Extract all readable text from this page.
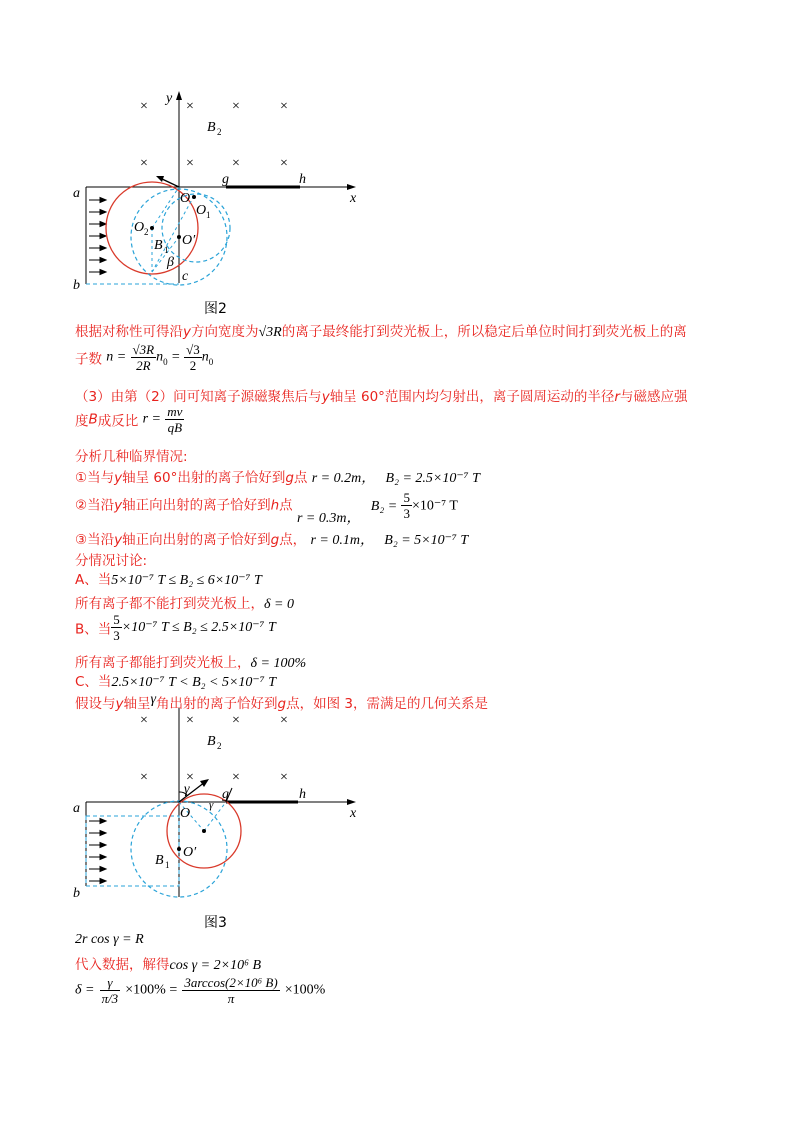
×	×	×	×
×	×	×	×
y
x
B 2
g	h
a
b
c
O
O 1
O 2
O′
B 1
β
图2
根据对称性可得沿y方向宽度为√3R的离子最终能打到荧光板上，所以稳定后单位时间打到荧光板上的离
子数 $n = \frac{√3R}{2R} n_0 = \frac{√3}{2} n_0$
（3）由第（2）问可知离子源磁聚焦后与y轴呈 60°范围内均匀射出，离子圆周运动的半径r与磁感应强
度B成反比 $r = \frac{mv}{qB}$
分析几种临界情况:
①当与y轴呈 60°出射的离子恰好到g点 r = 0.2m， B₂ = 2.5×10⁻⁷ T
②当沿y轴正向出射的离子恰好到h点 r = 0.3m， $B_2 = \frac{5}{3} \times 10^{-7}$ T
③当沿y轴正向出射的离子恰好到g点， r = 0.1m， B₂ = 5×10⁻⁷ T
分情况讨论:
A、当5×10⁻⁷ T ≤ B₂ ≤ 6×10⁻⁷ T
所有离子都不能打到荧光板上，δ = 0
B、当 $\frac{5}{3} \times 10^{-7}$ T ≤ B₂ ≤ 2.5×10⁻⁷ T
所有离子都能打到荧光板上，δ = 100%
C、当2.5×10⁻⁷ T < B₂ < 5×10⁻⁷ T
假设与y轴呈γ角出射的离子恰好到g点，如图 3，需满足的几何关系是
×	×	×	×
×	×	×	×
x
B 2
g	h
a
b
O
O′
B 1
γ
γ
图3
2r cos γ = R
代入数据，解得cos γ = 2×10⁶ B
$\delta = \frac{\gamma}{\pi/3} \times 100\% = \frac{\text{3arccos(2×10⁶ B)}}{\pi} \times 100\%$
